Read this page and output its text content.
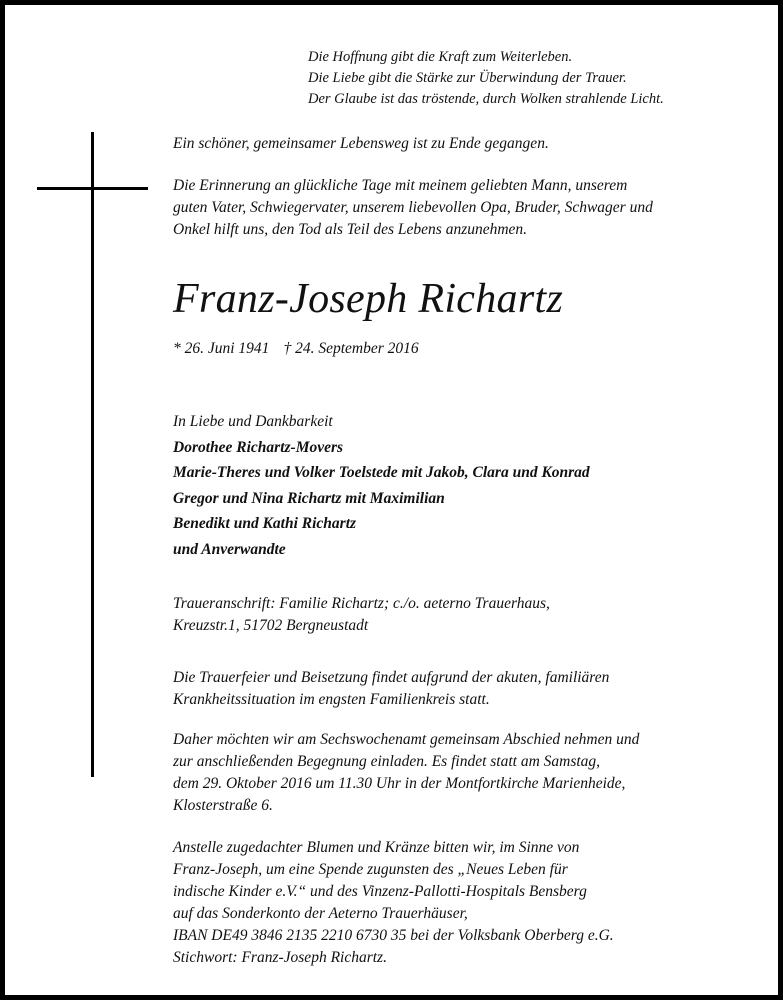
Die Hoffnung gibt die Kraft zum Weiterleben.
Die Liebe gibt die Stärke zur Überwindung der Trauer.
Der Glaube ist das tröstende, durch Wolken strahlende Licht.
Ein schöner, gemeinsamer Lebensweg ist zu Ende gegangen.
Die Erinnerung an glückliche Tage mit meinem geliebten Mann, unserem
guten Vater, Schwiegervater, unserem liebevollen Opa, Bruder, Schwager und
Onkel hilft uns, den Tod als Teil des Lebens anzunehmen.
Franz-Joseph Richartz
* 26. Juni 1941 † 24. September 2016
In Liebe und Dankbarkeit
Dorothee Richartz-Movers
Marie-Theres und Volker Toelstede mit Jakob, Clara und Konrad
Gregor und Nina Richartz mit Maximilian
Benedikt und Kathi Richartz
und Anverwandte
Traueranschrift: Familie Richartz; c./o. aeterno Trauerhaus,
Kreuzstr.1, 51702 Bergneustadt
Die Trauerfeier und Beisetzung findet aufgrund der akuten, familiären
Krankheitssituation im engsten Familienkreis statt.
Daher möchten wir am Sechswochenamt gemeinsam Abschied nehmen und
zur anschließenden Begegnung einladen. Es findet statt am Samstag,
dem 29. Oktober 2016 um 11.30 Uhr in der Montfortkirche Marienheide,
Klosterstraße 6.
Anstelle zugedachter Blumen und Kränze bitten wir, im Sinne von
Franz-Joseph, um eine Spende zugunsten des „Neues Leben für
indische Kinder e.V.“ und des Vinzenz-Pallotti-Hospitals Bensberg
auf das Sonderkonto der Aeterno Trauerhäuser,
IBAN DE49 3846 2135 2210 6730 35 bei der Volksbank Oberberg e.G.
Stichwort: Franz-Joseph Richartz.
